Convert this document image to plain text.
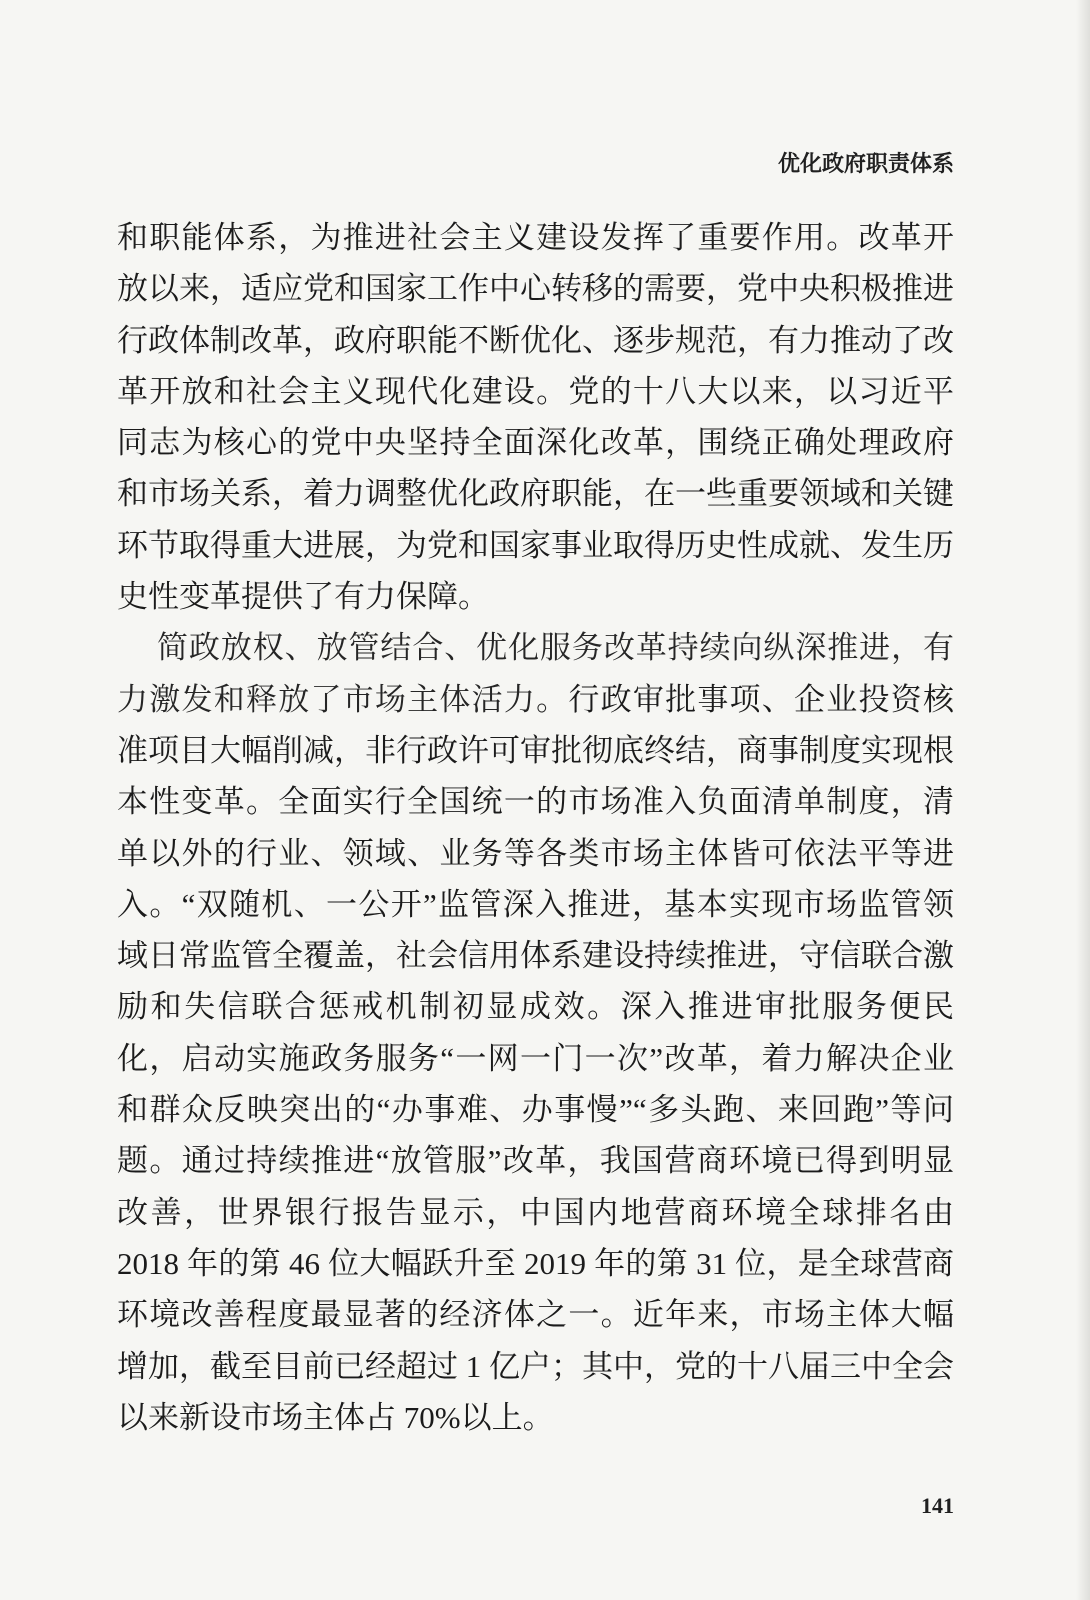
优化政府职责体系
和职能体系，为推进社会主义建设发挥了重要作用。改革开
放以来，适应党和国家工作中心转移的需要，党中央积极推进
行政体制改革，政府职能不断优化、逐步规范，有力推动了改
革开放和社会主义现代化建设。党的十八大以来，以习近平
同志为核心的党中央坚持全面深化改革，围绕正确处理政府
和市场关系，着力调整优化政府职能，在一些重要领域和关键
环节取得重大进展，为党和国家事业取得历史性成就、发生历
史性变革提供了有力保障。
简政放权、放管结合、优化服务改革持续向纵深推进，有
力激发和释放了市场主体活力。行政审批事项、企业投资核
准项目大幅削减，非行政许可审批彻底终结，商事制度实现根
本性变革。全面实行全国统一的市场准入负面清单制度，清
单以外的行业、领域、业务等各类市场主体皆可依法平等进
入。“双随机、一公开”监管深入推进，基本实现市场监管领
域日常监管全覆盖，社会信用体系建设持续推进，守信联合激
励和失信联合惩戒机制初显成效。深入推进审批服务便民
化，启动实施政务服务“一网一门一次”改革，着力解决企业
和群众反映突出的“办事难、办事慢”“多头跑、来回跑”等问
题。通过持续推进“放管服”改革，我国营商环境已得到明显
改善，世界银行报告显示，中国内地营商环境全球排名由
2018 年的第 46 位大幅跃升至 2019 年的第 31 位，是全球营商
环境改善程度最显著的经济体之一。近年来，市场主体大幅
增加，截至目前已经超过 1 亿户；其中，党的十八届三中全会
以来新设市场主体占 70%以上。
141
